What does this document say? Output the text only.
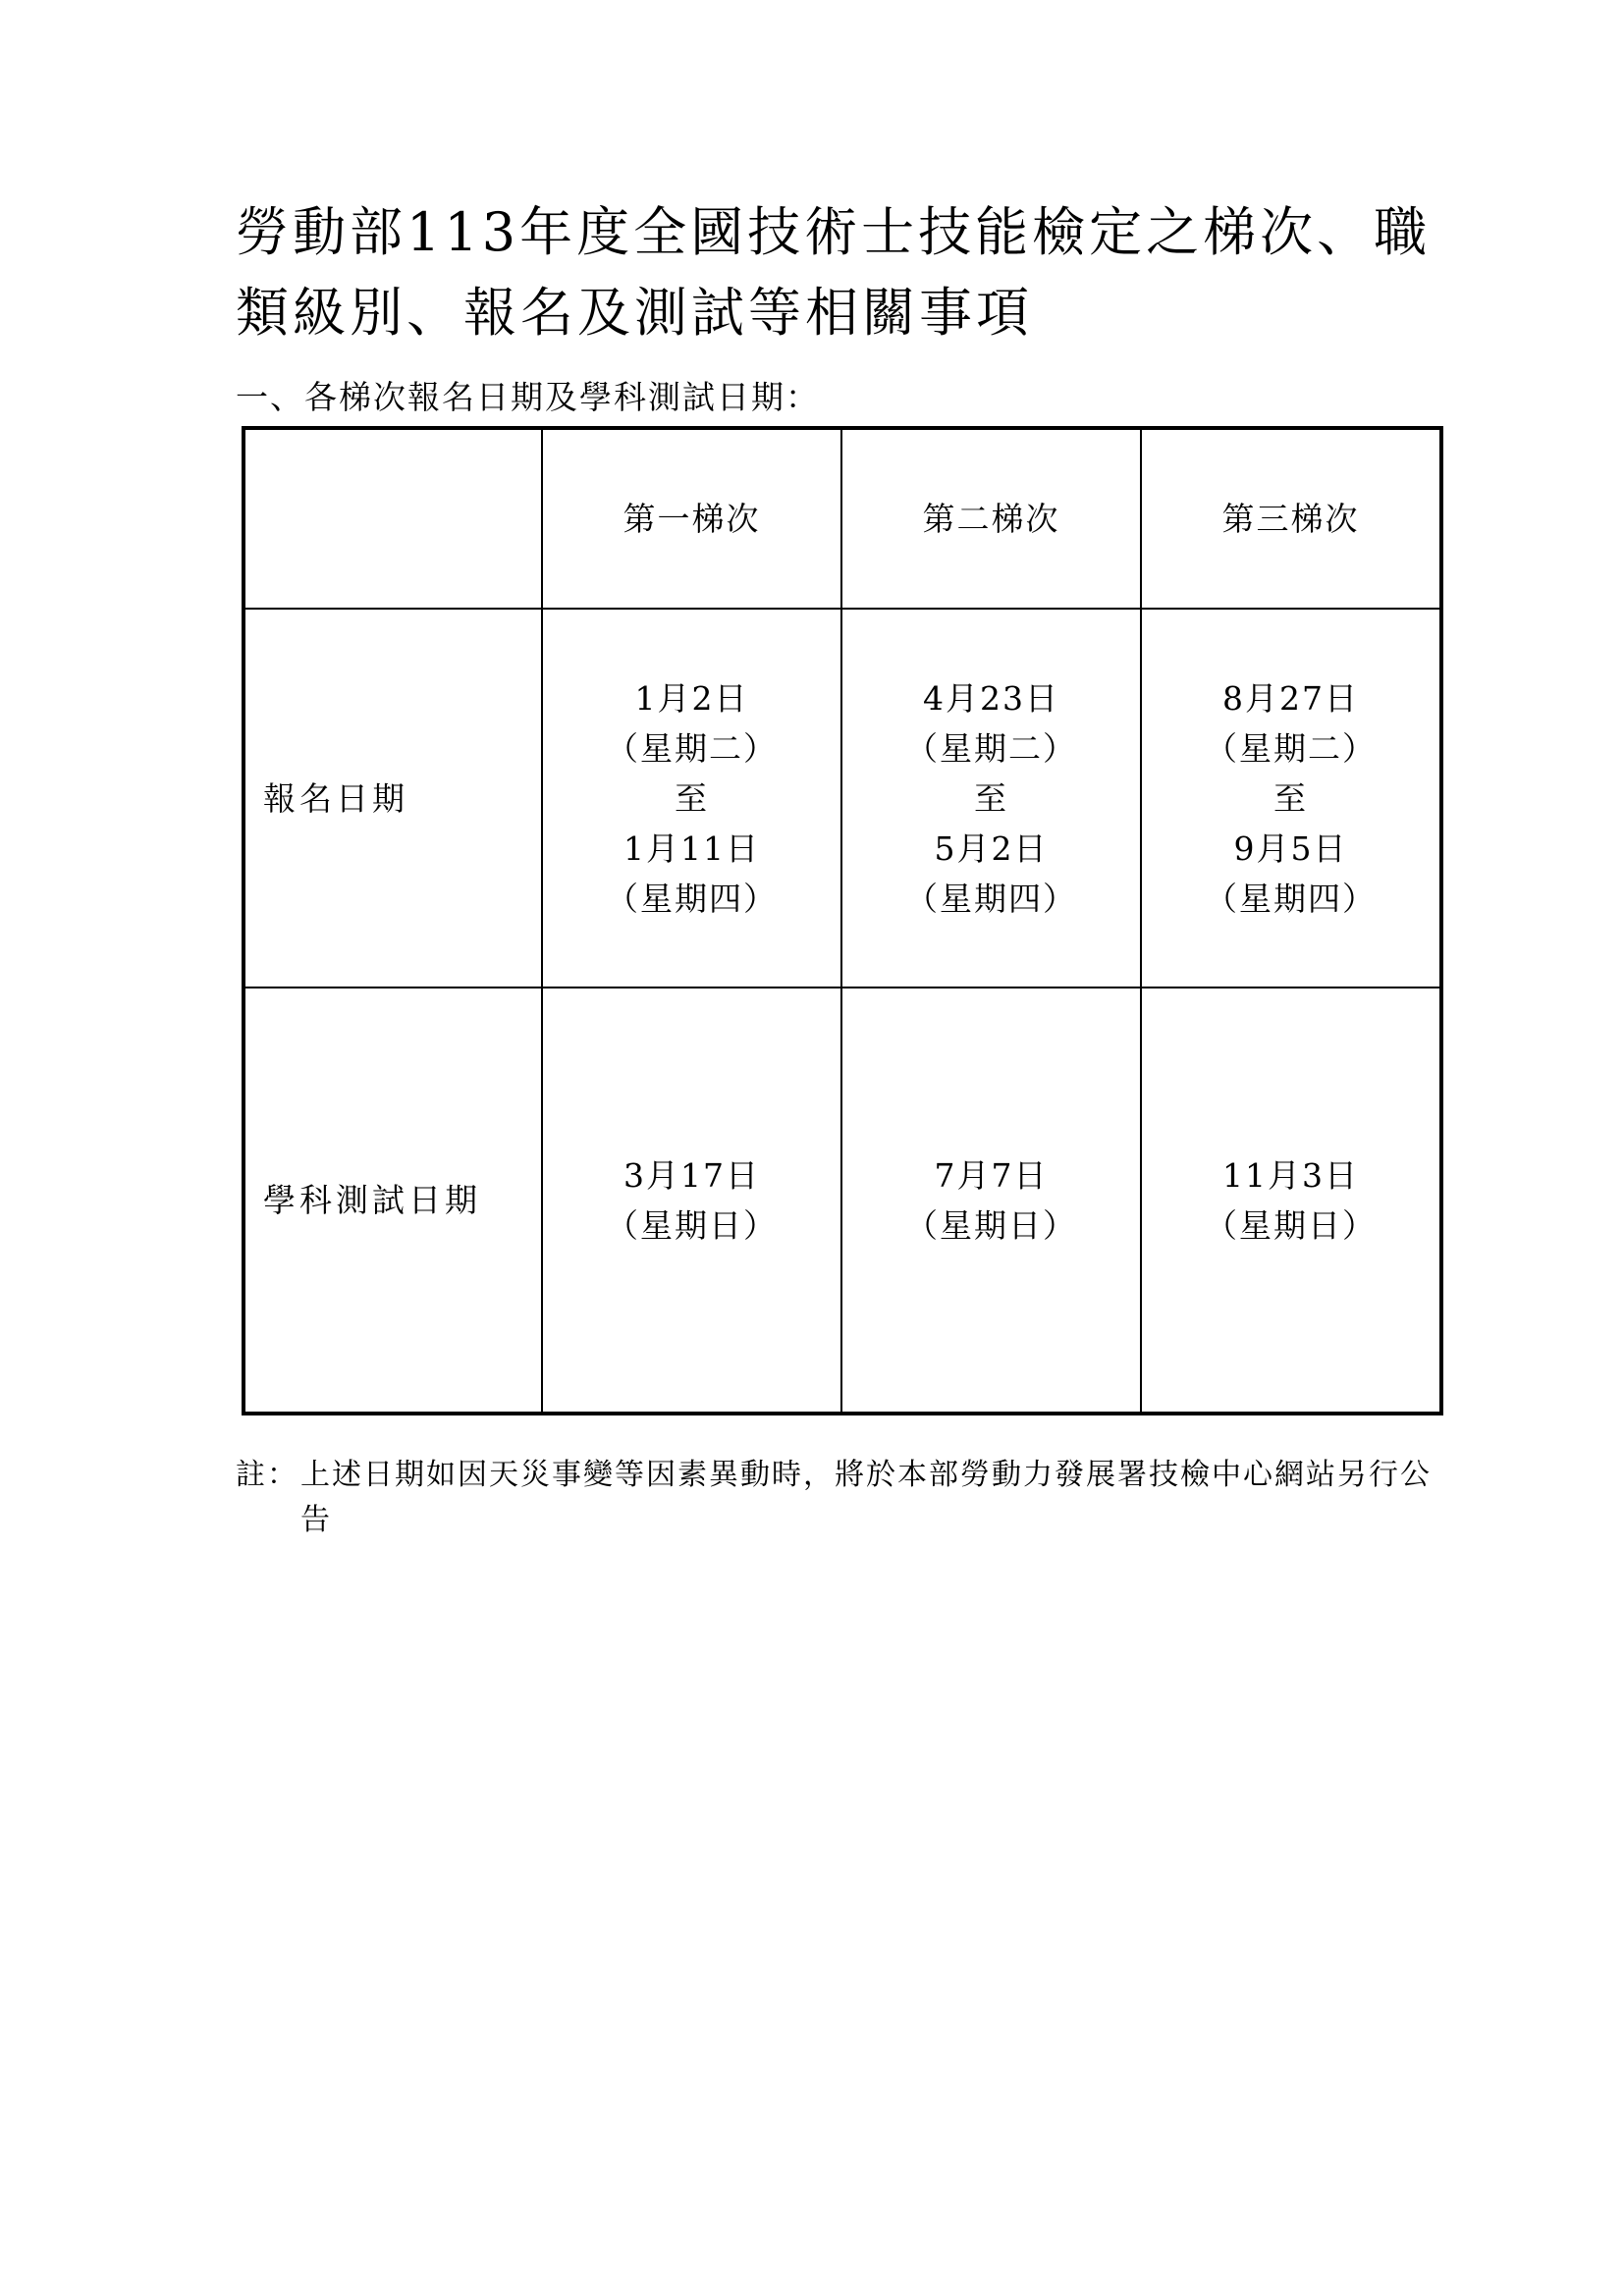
勞動部113年度全國技術士技能檢定之梯次、職
類級別、報名及測試等相關事項
一、各梯次報名日期及學科測試日期：
	第一梯次	第二梯次	第三梯次
報名日期	1月2日
（星期二）
至
1月11日
（星期四）	4月23日
（星期二）
至
5月2日
（星期四）	8月27日
（星期二）
至
9月5日
（星期四）

學科測試日期	3月17日
（星期日）	7月7日
（星期日）	11月3日
（星期日）
註： 上述日期如因天災事變等因素異動時，將於本部勞動力發展署技檢中心網站另行公告
